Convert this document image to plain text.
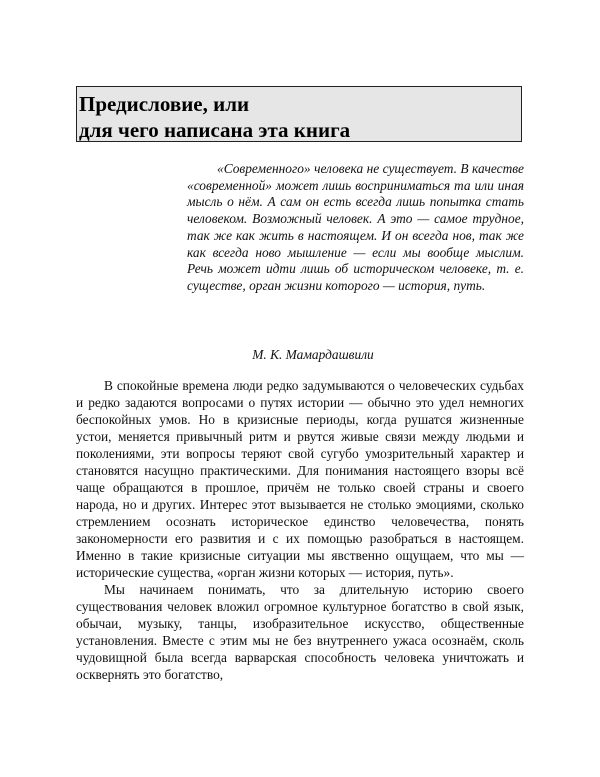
Предисловие, или
для чего написана эта книга

«Современного» человека не существует. В качестве «современной» может лишь восприниматься та или иная мысль о нём. А сам он есть всегда лишь попытка стать человеком. Возможный человек. А это — самое трудное, так же как жить в настоящем. И он всегда нов, так же как всегда ново мышление — если мы вообще мыслим. Речь может идти лишь об историческом человеке, т. е. существе, орган жизни которого — история, путь.

М. К. Мамардашвили

В спокойные времена люди редко задумываются о человеческих судьбах и редко задаются вопросами о путях истории — обычно это удел немногих беспокойных умов. Но в кризисные периоды, когда рушатся жизненные устои, меняется привычный ритм и рвутся живые связи между людьми и поколениями, эти вопросы теряют свой сугубо умозрительный характер и становятся насущно практическими. Для понимания настоящего взоры всё чаще обращаются в прошлое, причём не только своей страны и своего народа, но и других. Интерес этот вызывается не столько эмоциями, сколько стремлением осознать историческое единство человечества, понять закономерности его развития и с их помощью разобраться в настоящем. Именно в такие кризисные ситуации мы явственно ощущаем, что мы — исторические существа, «орган жизни которых — история, путь».

Мы начинаем понимать, что за длительную историю своего существования человек вложил огромное культурное богатство в свой язык, обычаи, музыку, танцы, изобразительное искусство, общественные установления. Вместе с этим мы не без внутреннего ужаса осознаём, сколь чудовищной была всегда варварская способность человека уничтожать и осквернять это богатство,
